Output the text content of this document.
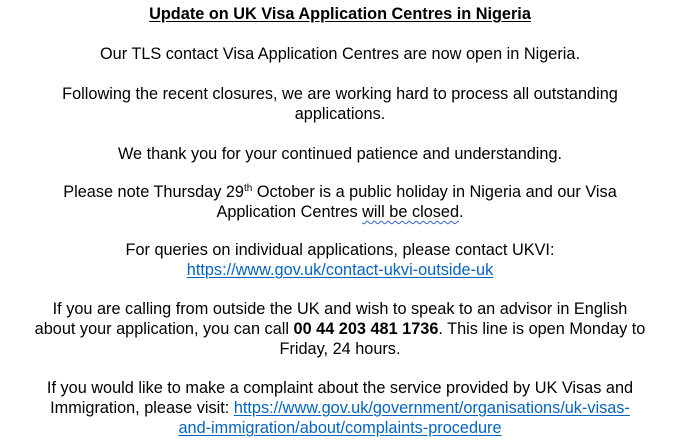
Update on UK Visa Application Centres in Nigeria
Our TLS contact Visa Application Centres are now open in Nigeria.
Following the recent closures, we are working hard to process all outstanding
applications.
We thank you for your continued patience and understanding.
Please note Thursday 29th October is a public holiday in Nigeria and our Visa
Application Centres will be closed.
For queries on individual applications, please contact UKVI:
https://www.gov.uk/contact-ukvi-outside-uk
If you are calling from outside the UK and wish to speak to an advisor in English
about your application, you can call 00 44 203 481 1736. This line is open Monday to
Friday, 24 hours.
If you would like to make a complaint about the service provided by UK Visas and
Immigration, please visit: https://www.gov.uk/government/organisations/uk-visas-
and-immigration/about/complaints-procedure
